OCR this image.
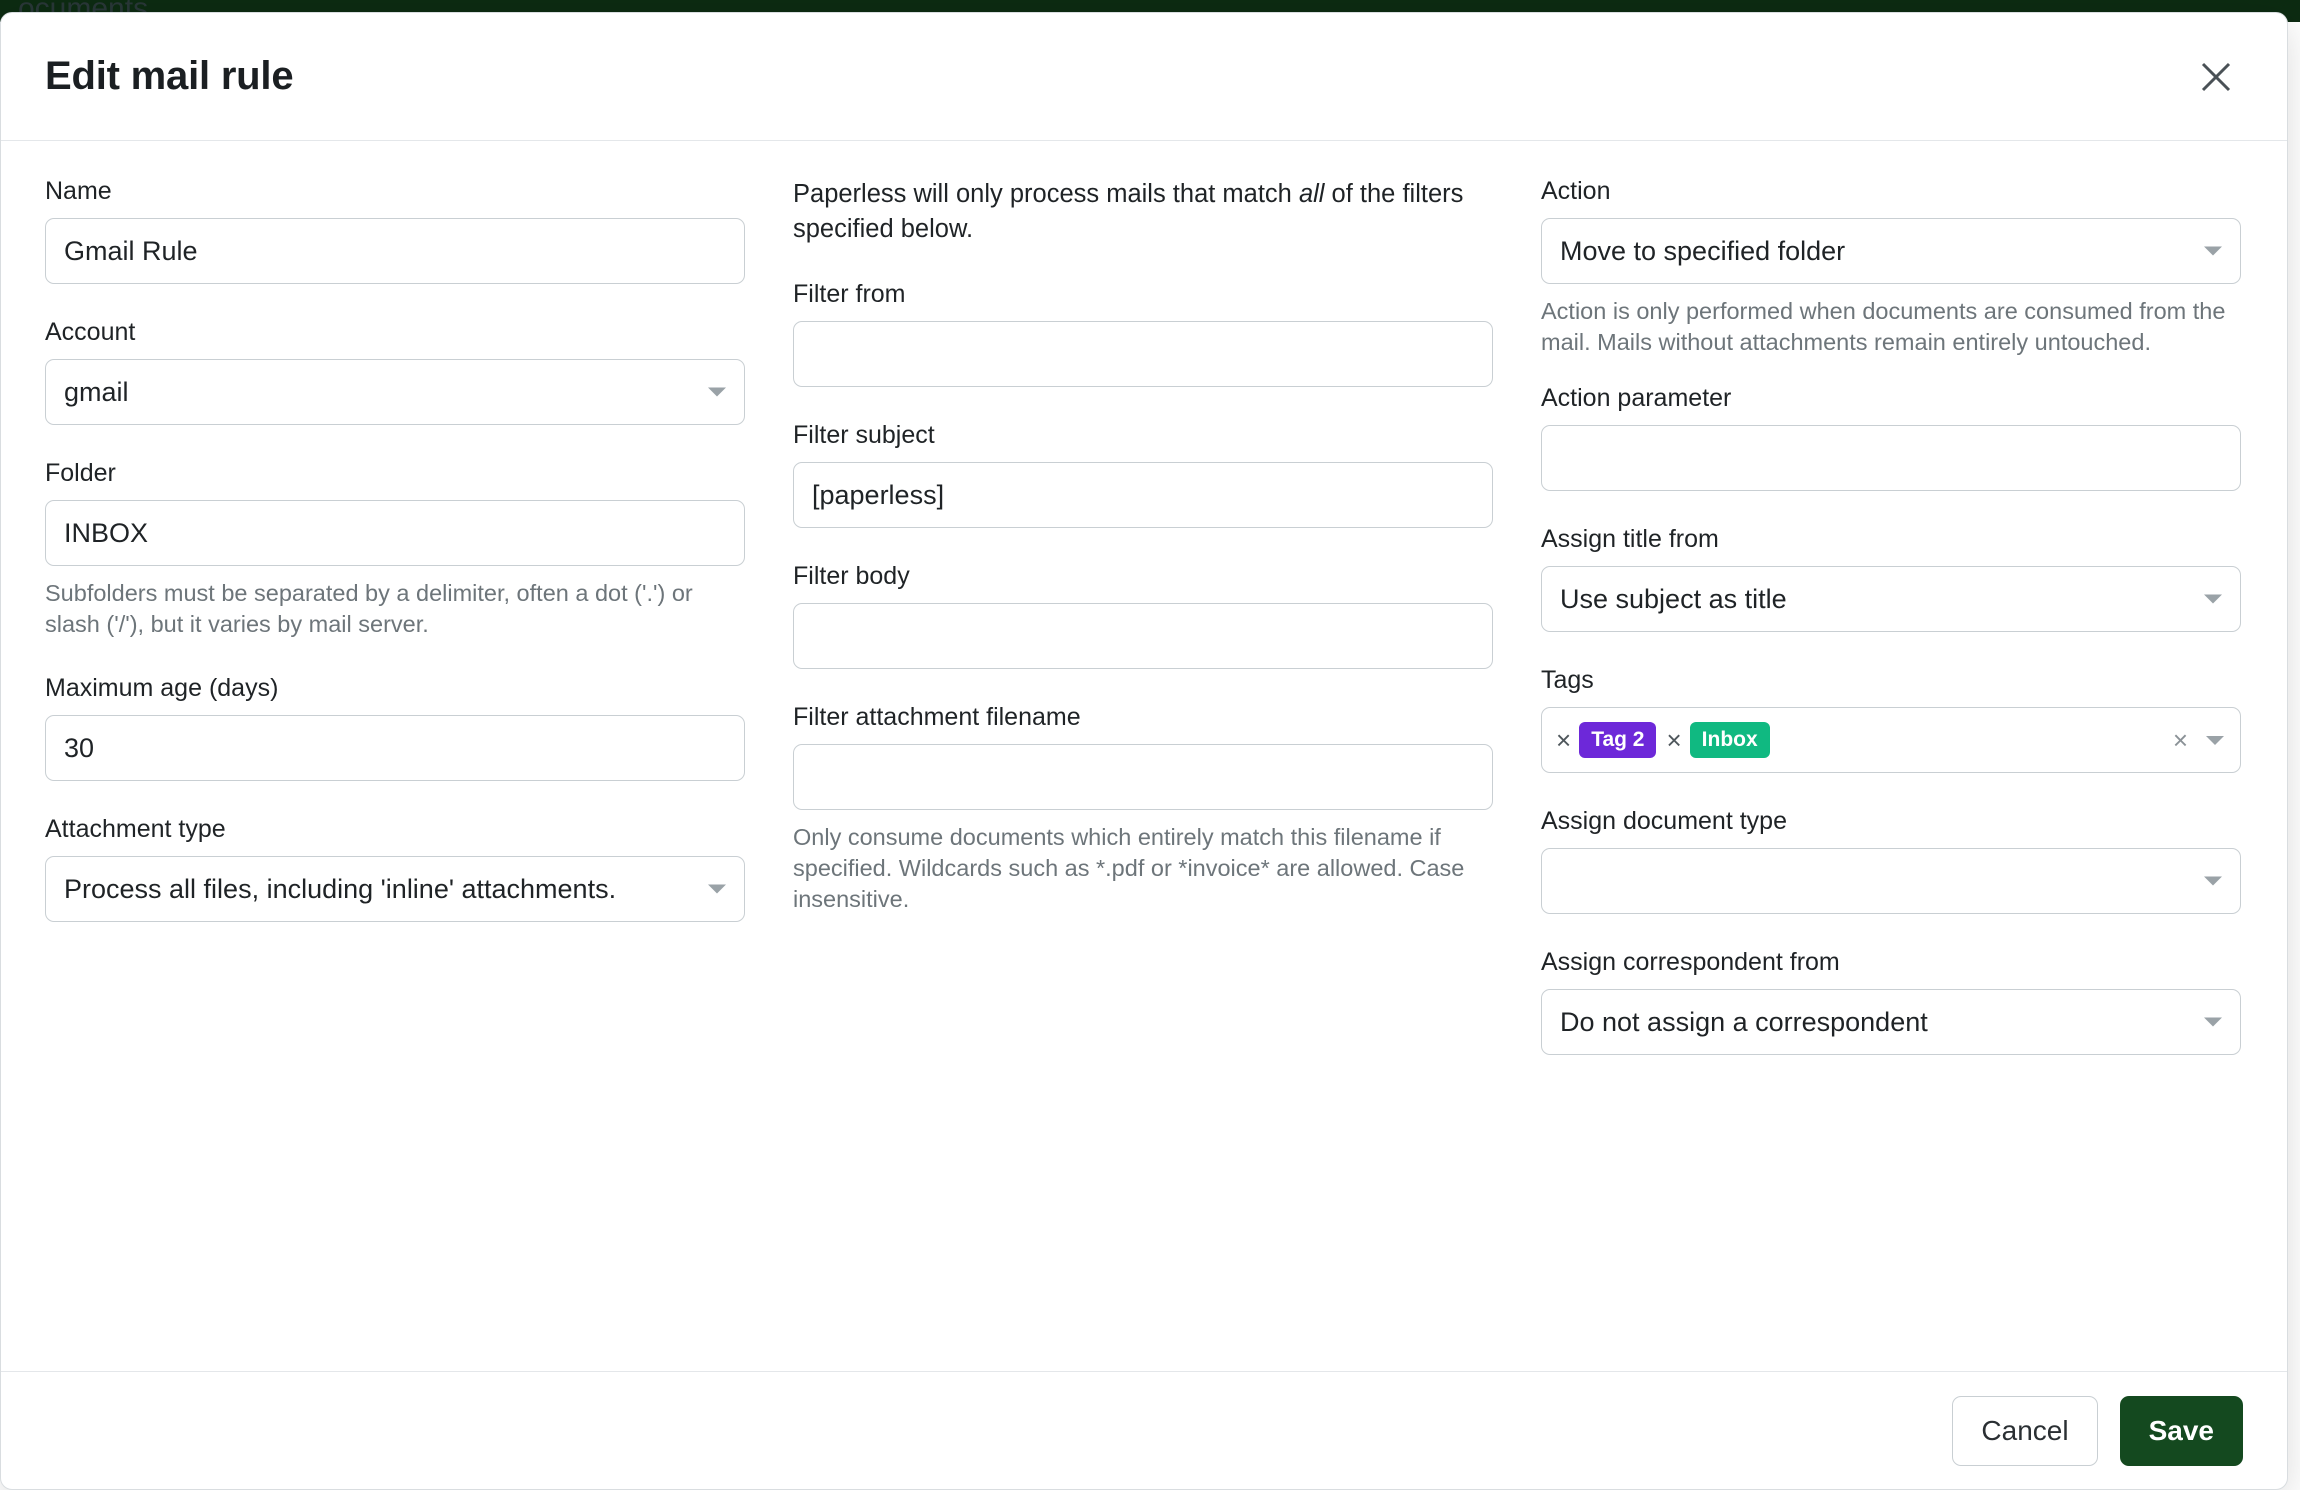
Edit mail rule
Name
Gmail Rule
Account
gmail
Folder
INBOX
Subfolders must be separated by a delimiter, often a dot ('.') or slash ('/'), but it varies by mail server.
Maximum age (days)
30
Attachment type
Process all files, including 'inline' attachments.

Paperless will only process mails that match all of the filters specified below.

Filter from
Filter subject
[paperless]
Filter body
Filter attachment filename
Only consume documents which entirely match this filename if specified. Wildcards such as *.pdf or *invoice* are allowed. Case insensitive.
Action
Move to specified folder
Action is only performed when documents are consumed from the mail. Mails without attachments remain entirely untouched.
Action parameter
Assign title from
Use subject as title
Tags
× Tag 2 × Inbox	×
Assign document type
Assign correspondent from
Do not assign a correspondent
Cancel	Save
